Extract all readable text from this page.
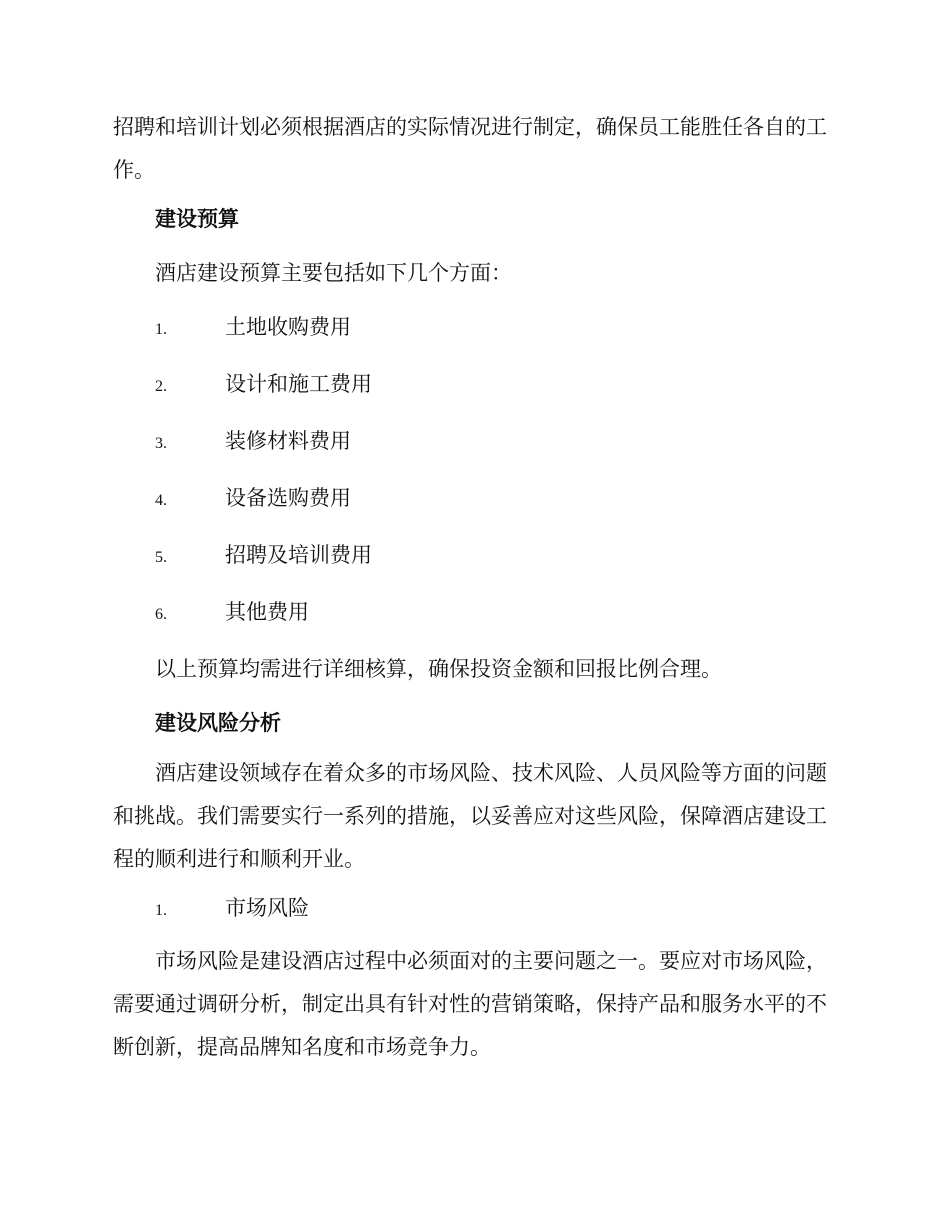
招聘和培训计划必须根据酒店的实际情况进行制定，确保员工能胜任各自的工作。

建设预算

酒店建设预算主要包括如下几个方面：

1.	土地收购费用
2.	设计和施工费用
3.	装修材料费用
4.	设备选购费用
5.	招聘及培训费用
6.	其他费用

以上预算均需进行详细核算，确保投资金额和回报比例合理。

建设风险分析

酒店建设领域存在着众多的市场风险、技术风险、人员风险等方面的问题和挑战。我们需要实行一系列的措施，以妥善应对这些风险，保障酒店建设工程的顺利进行和顺利开业。

1.	市场风险

市场风险是建设酒店过程中必须面对的主要问题之一。要应对市场风险，需要通过调研分析，制定出具有针对性的营销策略，保持产品和服务水平的不断创新，提高品牌知名度和市场竞争力。
